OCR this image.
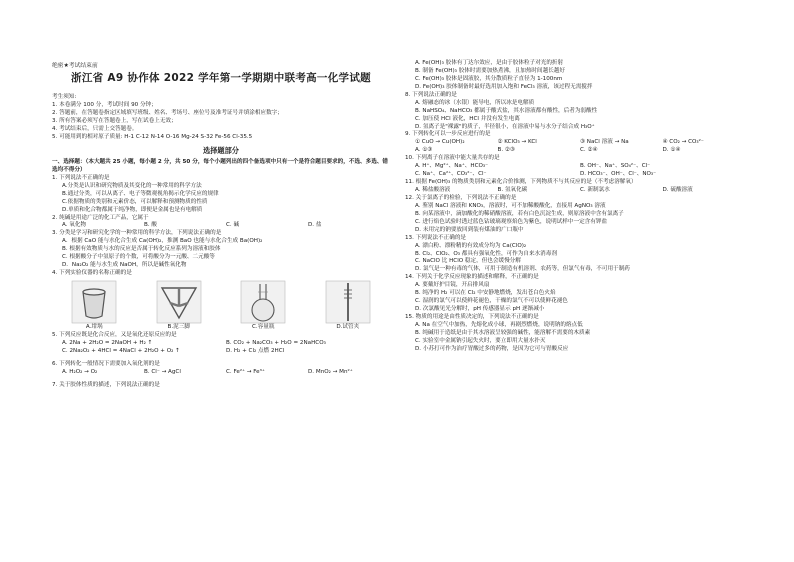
绝密★考试结束前
浙江省 A9 协作体 2022 学年第一学期期中联考高一化学试题
考生须知:
1. 本卷满分 100 分，考试时间 90 分钟；
2. 答题前，在答题卷指定区域填写班级、姓名、考场号、座位号及准考证号并填涂相应数字；
3. 所有答案必须写在答题卷上，写在试卷上无效；
4. 考试结束后，只需上交答题卷。
5. 可能用到的相对原子质量: H-1 C-12 N-14 O-16 Mg-24 S-32 Fe-56 Cl-35.5
选择题部分
一、选择题：（本大题共 25 小题，每小题 2 分，共 50 分，每个小题列出的四个备选项中只有一个是符合题目要求的，不选、多选、错选均不得分）
1. 下列说法不正确的是
A.分类是认识和研究物质及其变化的一种常用的科学方法
B.通过分类，可以从离子、电子等微观视角揭示化学反应的规律
C.依据物质的类别和元素价态，可以解释和预测物质的性质
D.单质和化合物都属于纯净物，即便是金属也是有电解质
2. 纯碱是用途广泛的化工产品，它属于
A. 氧化物	B. 酸	C. 碱	D. 盐
3. 分类是学习和研究化学的一种常用的科学方法，下列说法正确的是
A．根据 CaO 能与水化合生成 Ca(OH)₂，推测 BaO 也能与水化合生成 Ba(OH)₂
B. 根据有效物质与水的反应是否属于转化反应系列为溶液和胶体
C. 根据酸分子中氢原子的个数，可将酸分为一元酸、二元酸等
D．Na₂O₂ 能与水生成 NaOH，所以是碱性氧化物
4. 下列实验仪器的名称正确的是
A.坩埚	B.泥三脚	C.容量瓶	D.试管夹
5. 下列反应既是化合反应，又是氧化还原反应的是
A. 2Na + 2H₂O = 2NaOH + H₂ ↑	B. CO₂ + Na₂CO₃ + H₂O = 2NaHCO₃
C. 2Na₂O₂ + 4HCl = 4NaCl + 2H₂O + O₂ ↑	D. H₂ + Cl₂ 点燃 2HCl
6. 下列转化一般情况下需要加入氧化剂的是
A. H₂O₂ → O₂	B. Cl⁻ → AgCl	C. Fe²⁺ → Fe³⁺	D. MnO₂ → Mn²⁺
7. 关于胶体性质的描述，下列说法正确的是
A. Fe(OH)₃ 胶体有丁达尔效应，是由于胶体粒子对光的折射
B. 制备 Fe(OH)₃ 胶体时需要加热煮沸，且加热时间越长越好
C. Fe(OH)₃ 胶体是固液胶，其分散质粒子直径为 1-100nm
D. Fe(OH)₃ 胶体制备时最好选用加入饱和 FeCl₃ 溶液，该过程无需搅拌
8. 下列说法正确的是
A. 熔融态的冰（水银）能导电，所以冰是电解质
B. NaHSO₄、NaHCO₃ 都属于酸式盐，其水溶液都有酸性，后者为弱酸性
C. 加压使 HCl 液化，HCl 并没有发生电离
D. 氢离子是"裸露"的质子，半径很小，在溶液中易与水分子结合成 H₃O⁺
9. 下列转化可以一步反应进行的是
① CuO → Cu(OH)₂	② KClO₃ → KCl	③ NaCl 溶液 → Na	④ CO₂ → CO₃²⁻
A. ①③	B. ②③	C. ②④	D. ①④
10. 下列离子在溶液中能大量共存的是
A. H⁺、Mg²⁺、Na⁺、HCO₃⁻	B. OH⁻、Na⁺、SO₄²⁻、Cl⁻
C. Na⁺、Ca²⁺、CO₃²⁻、Cl⁻	D. HCO₃⁻、OH⁻、Cl⁻、NO₃⁻
11. 根据 Fe(OH)₃ 的物质类别和元素化合价推测，下列物质不与其反应的是（不考虑溶解氧）
A. 稀盐酸溶液	B. 氢氧化碳	C. 新制氯水	D. 硫酸溶液
12. 关于氯离子的检验，下列说法不正确的是
A. 鉴别 NaCl 溶液和 KNO₃，溶液时，可不加稀酸酸化，直接用 AgNO₃ 溶液
B. 向某溶液中，滴加酸化的稀硝酸溶液，若有白色沉淀生成，则原溶液中含有氯离子
C. 进行焰色试验时透过蓝色钴玻璃观察焰色为紫色，说明试样中一定含有钾盐
D. 未用完的钠要放回到装有煤油的广口瓶中
13. 下列说法不正确的是
A. 漂白粉、漂粉精的有效成分均为 Ca(ClO)₂
B. Cl₂、ClO₂、O₃ 都具有强氧化性，可作为自来水消毒剂
C. NaClO 比 HClO 稳定，但也会缓慢分解
D. 氯气是一种有毒的气体，可用于制造有机溶剂、农药等，但氯气有毒，不可用于制药
14. 下列关于化学反应现象的描述和解释，不正确的是
A. 要戴好护目镜，开启排风扇
B. 纯净的 H₂ 可以在 Cl₂ 中安静地燃烧，发出苍白色火焰
C. 湿润的氯气可以使鲜花褪色，干燥的氯气不可以使鲜花褪色
D. 次氯酸见光分解时，pH 传感器显示 pH 逐渐减小
15. 物质的用途是由性质决定的，下列说法不正确的是
A. Na 在空气中加热，先熔化成小球，再剧烈燃烧，说明钠的熔点低
B. 纯碱用于造纸是由于其水溶液呈较强的碱性，能溶解不需要的木质素
C. 实验室中金属钠引起失火时，要立即用大量水扑灭
D. 小苏打可作为治疗胃酸过多的药物，是因为它可与胃酸反应
